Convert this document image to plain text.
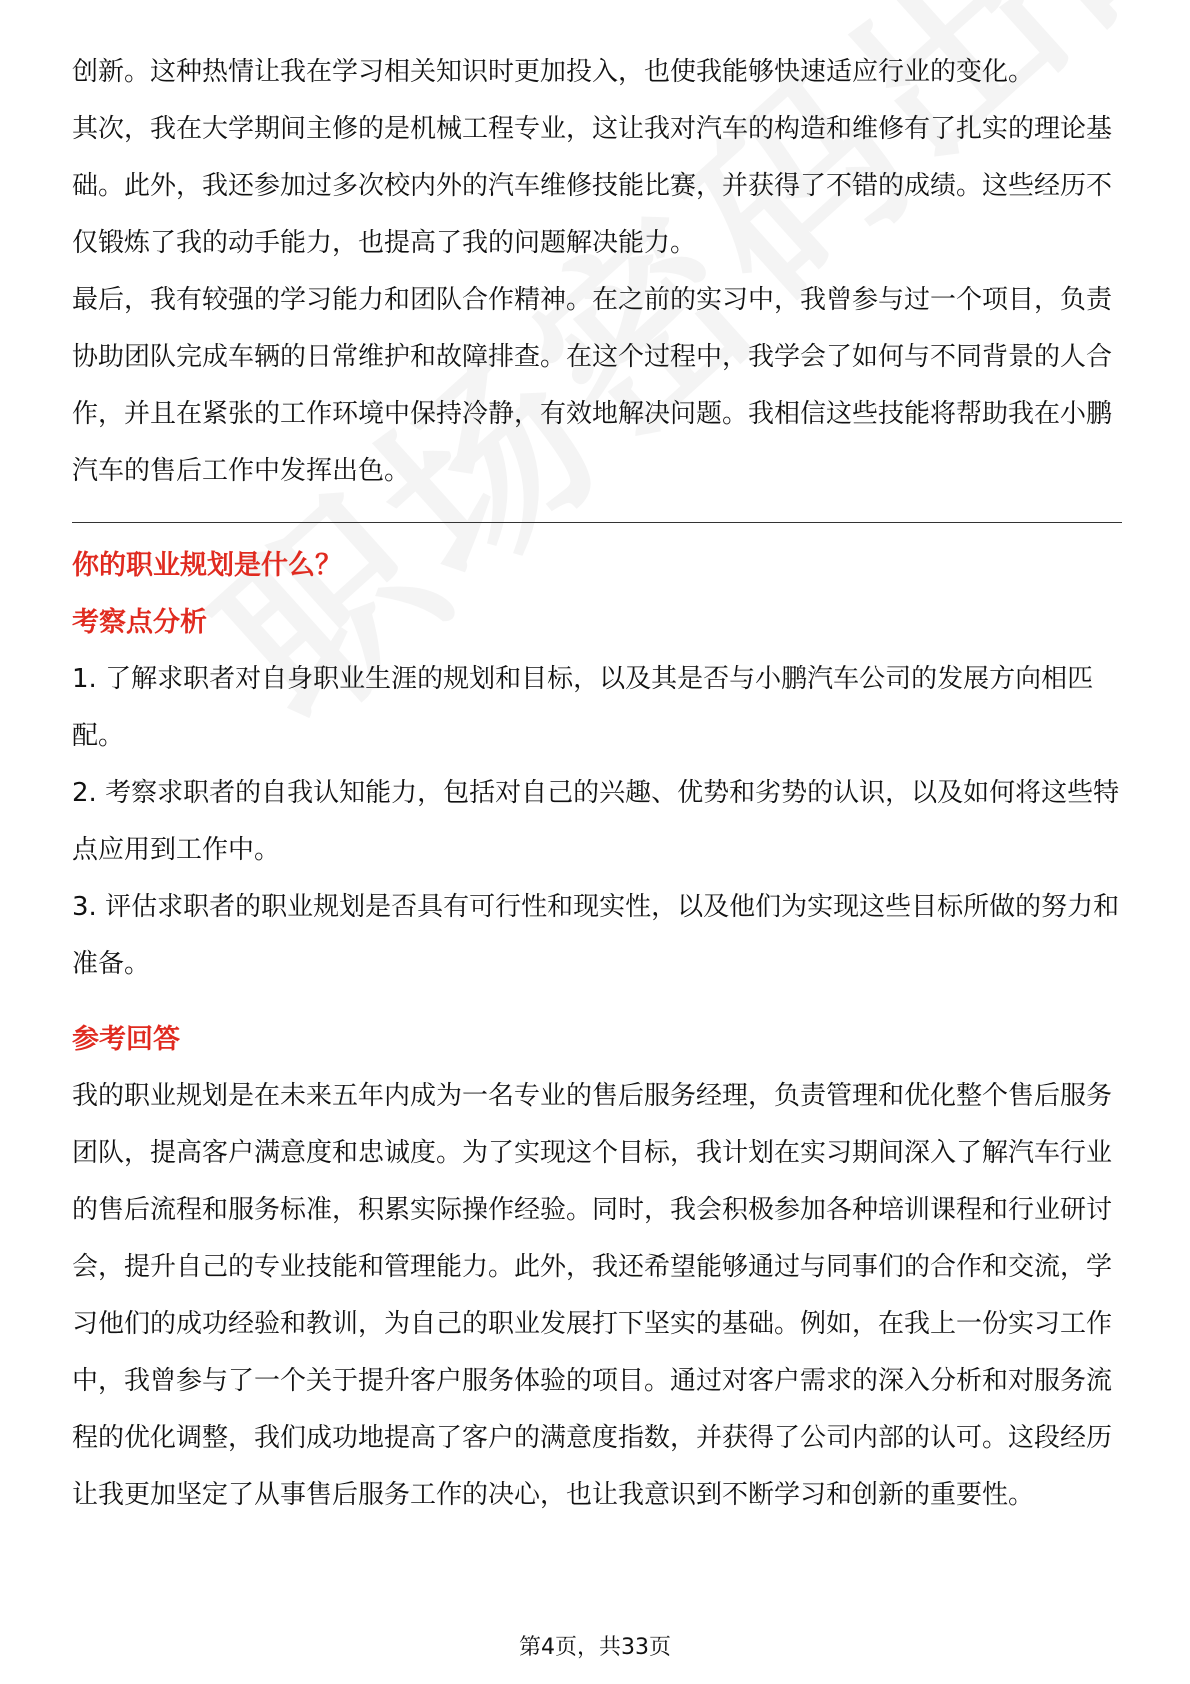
创新。这种热情让我在学习相关知识时更加投入，也使我能够快速适应行业的变化。

其次，我在大学期间主修的是机械工程专业，这让我对汽车的构造和维修有了扎实的理论基础。此外，我还参加过多次校内外的汽车维修技能比赛，并获得了不错的成绩。这些经历不仅锻炼了我的动手能力，也提高了我的问题解决能力。

最后，我有较强的学习能力和团队合作精神。在之前的实习中，我曾参与过一个项目，负责协助团队完成车辆的日常维护和故障排查。在这个过程中，我学会了如何与不同背景的人合作，并且在紧张的工作环境中保持冷静，有效地解决问题。我相信这些技能将帮助我在小鹏汽车的售后工作中发挥出色。

你的职业规划是什么？
考察点分析

1. 了解求职者对自身职业生涯的规划和目标，以及其是否与小鹏汽车公司的发展方向相匹配。

2. 考察求职者的自我认知能力，包括对自己的兴趣、优势和劣势的认识，以及如何将这些特点应用到工作中。

3. 评估求职者的职业规划是否具有可行性和现实性，以及他们为实现这些目标所做的努力和准备。

参考回答

我的职业规划是在未来五年内成为一名专业的售后服务经理，负责管理和优化整个售后服务团队，提高客户满意度和忠诚度。为了实现这个目标，我计划在实习期间深入了解汽车行业的售后流程和服务标准，积累实际操作经验。同时，我会积极参加各种培训课程和行业研讨会，提升自己的专业技能和管理能力。此外，我还希望能够通过与同事们的合作和交流，学习他们的成功经验和教训，为自己的职业发展打下坚实的基础。例如，在我上一份实习工作中，我曾参与了一个关于提升客户服务体验的项目。通过对客户需求的深入分析和对服务流程的优化调整，我们成功地提高了客户的满意度指数，并获得了公司内部的认可。这段经历让我更加坚定了从事售后服务工作的决心，也让我意识到不断学习和创新的重要性。

第4页，共33页
